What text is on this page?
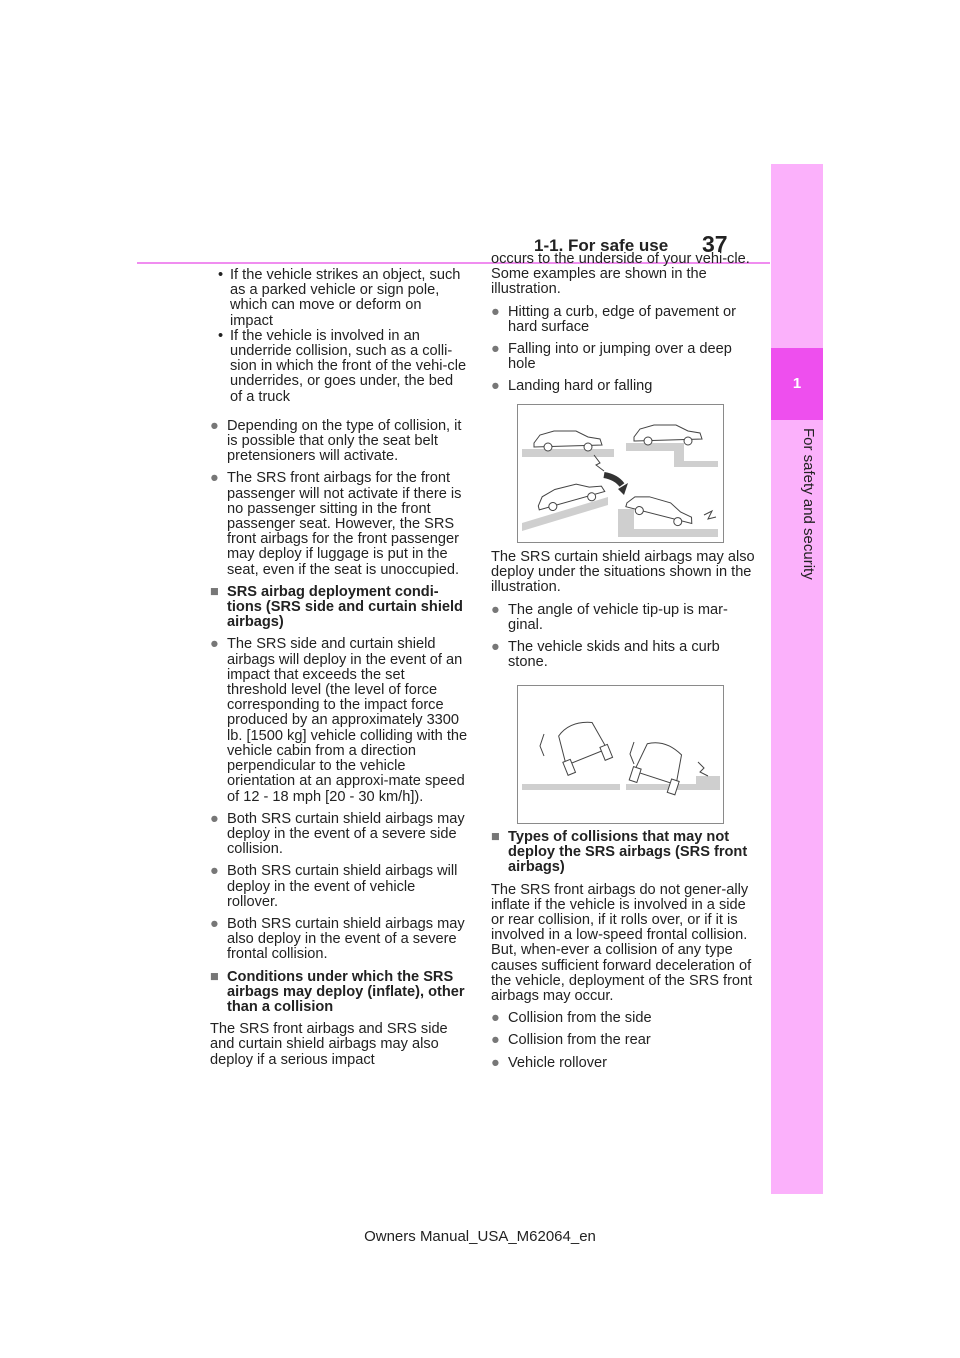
1-1. For safe use 37
1
For safety and security

• If the vehicle strikes an object, such as a parked vehicle or sign pole, which can move or deform on impact

• If the vehicle is involved in an underride collision, such as a colli-sion in which the front of the vehi-cle underrides, or goes under, the bed of a truck

● Depending on the type of collision, it is possible that only the seat belt pretensioners will activate.

● The SRS front airbags for the front passenger will not activate if there is no passenger sitting in the front passenger seat. However, the SRS front airbags for the front passenger may deploy if luggage is put in the seat, even if the seat is unoccupied.

■ SRS airbag deployment condi-tions (SRS side and curtain shield airbags)

● The SRS side and curtain shield airbags will deploy in the event of an impact that exceeds the set threshold level (the level of force corresponding to the impact force produced by an approximately 3300 lb. [1500 kg] vehicle colliding with the vehicle cabin from a direction perpendicular to the vehicle orientation at an approxi-mate speed of 12 - 18 mph [20 - 30 km/h]).

● Both SRS curtain shield airbags may deploy in the event of a severe side collision.

● Both SRS curtain shield airbags will deploy in the event of vehicle rollover.

● Both SRS curtain shield airbags may also deploy in the event of a severe frontal collision.

■ Conditions under which the SRS airbags may deploy (inflate), other than a collision

The SRS front airbags and SRS side and curtain shield airbags may also deploy if a serious impact

occurs to the underside of your vehi-cle. Some examples are shown in the illustration.

● Hitting a curb, edge of pavement or hard surface

● Falling into or jumping over a deep hole

● Landing hard or falling

The SRS curtain shield airbags may also deploy under the situations shown in the illustration.

● The angle of vehicle tip-up is mar-ginal.

● The vehicle skids and hits a curb stone.

■ Types of collisions that may not deploy the SRS airbags (SRS front airbags)

The SRS front airbags do not gener-ally inflate if the vehicle is involved in a side or rear collision, if it rolls over, or if it is involved in a low-speed frontal collision. But, when-ever a collision of any type causes sufficient forward deceleration of the vehicle, deployment of the SRS front airbags may occur.

● Collision from the side

● Collision from the rear

● Vehicle rollover

Owners Manual_USA_M62064_en
